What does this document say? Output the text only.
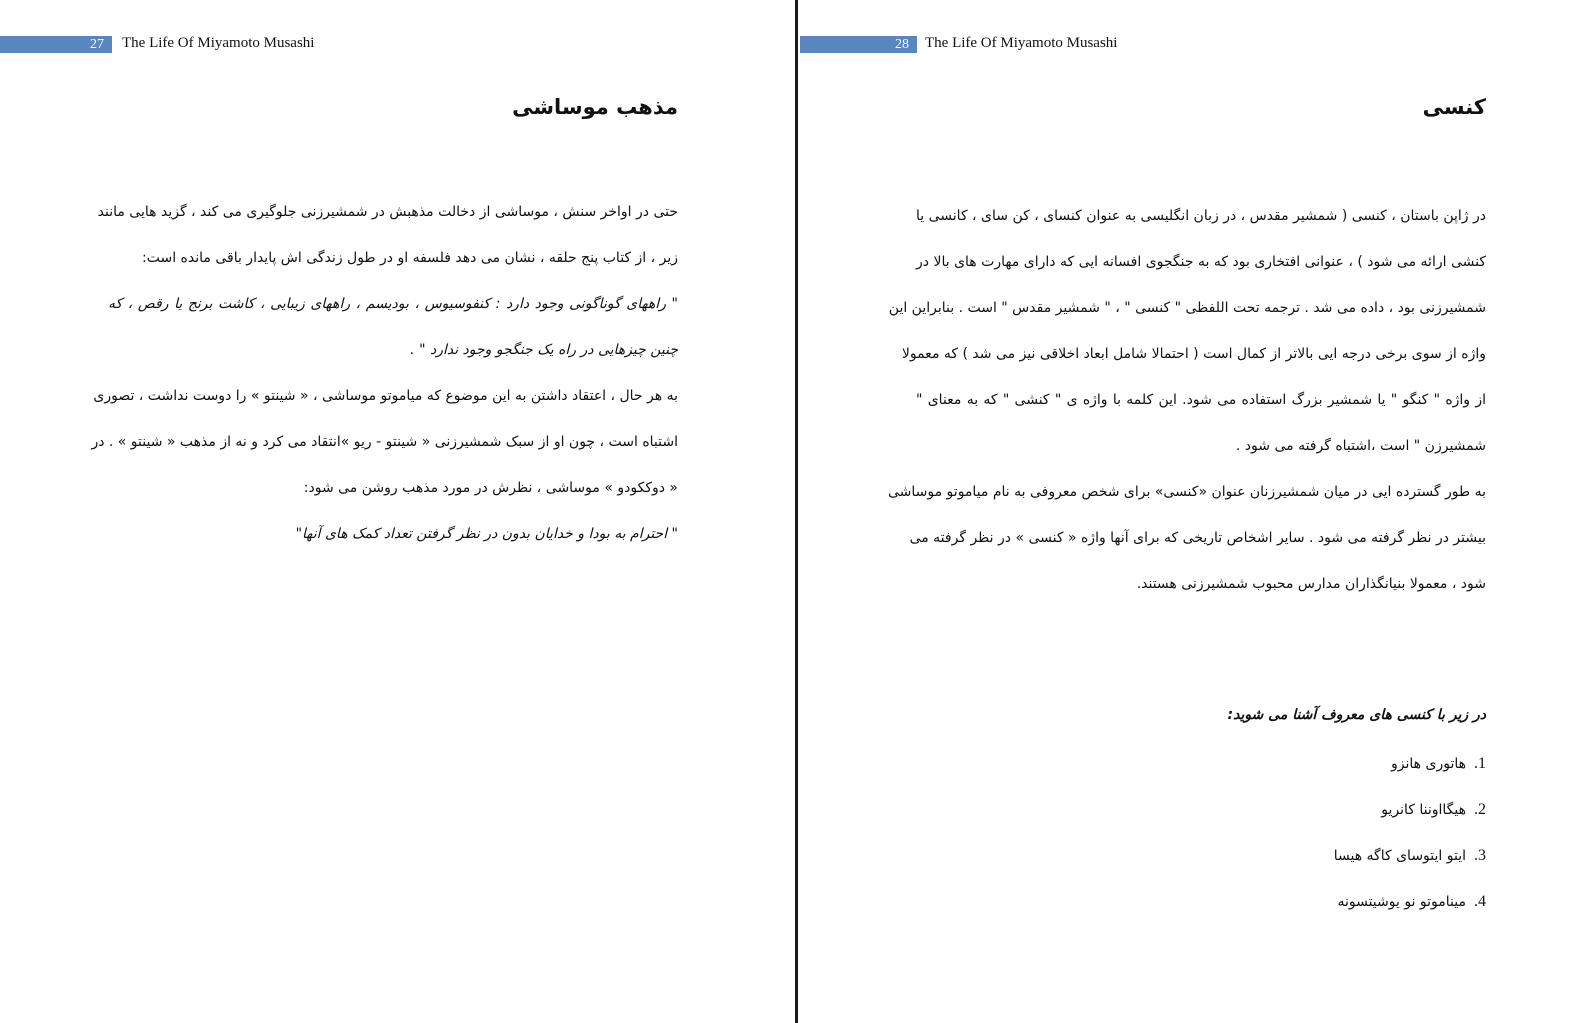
27 The Life Of Miyamoto Musashi
مذهب موساشی
حتی در اواخر سنش ، موساشی از دخالت مذهبش در شمشیرزنی جلوگیری می کند ، گزید هایی مانند
زیر ، از کتاب پنج حلقه ، نشان می دهد فلسفه او در طول زندگی اش پایدار باقی مانده است:
" راههای گوناگونی وجود دارد : کنفوسیوس ، بودیسم ، راههای زیبایی ، کاشت برنج یا رقص ، که
چنین چیزهایی در راه یک جنگجو وجود ندارد " .
به هر حال ، اعتقاد داشتن به این موضوع که میاموتو موساشی ، « شینتو » را دوست نداشت ، تصوری
اشتباه است ، چون او از سبک شمشیرزنی « شینتو - ریو »انتقاد می کرد و نه از مذهب « شینتو » . در
« دوککودو » موساشی ، نظرش در مورد مذهب روشن می شود:
" احترام به بودا و خدایان بدون در نظر گرفتن تعداد کمک های آنها"
28 The Life Of Miyamoto Musashi
کنسی
در ژاپن باستان ، کنسی ( شمشیر مقدس ، در زبان انگلیسی به عنوان کنسای ، کن سای ، کانسی یا
کنشی ارائه می شود ) ، عنوانی افتخاری بود که به جنگجوی افسانه ایی که دارای مهارت های بالا در
شمشیرزنی بود ، داده می شد . ترجمه تحت اللفظی " کنسی " ، " شمشیر مقدس " است . بنابراین این
واژه از سوی برخی درجه ایی بالاتر از کمال است ( احتمالا شامل ابعاد اخلاقی نیز می شد ) که معمولا
از واژه " کنگو " یا شمشیر بزرگ استفاده می شود. این کلمه با واژه ی " کنشی " که به معنای "
شمشیرزن " است ،اشتباه گرفته می شود .
به طور گسترده ایی در میان شمشیرزنان عنوان «کنسی» برای شخص معروفی به نام میاموتو موساشی
بیشتر در نظر گرفته می شود . سایر اشخاص تاریخی که برای آنها واژه « کنسی » در نظر گرفته می
شود ، معمولا بنیانگذاران مدارس محبوب شمشیرزنی هستند.
در زیر با کنسی های معروف آشنا می شوید:
1.هاتوری هانزو
2.هیگااوننا کانریو
3.ایتو ایتوسای کاگه هیسا
4.میناموتو نو یوشیتسونه
